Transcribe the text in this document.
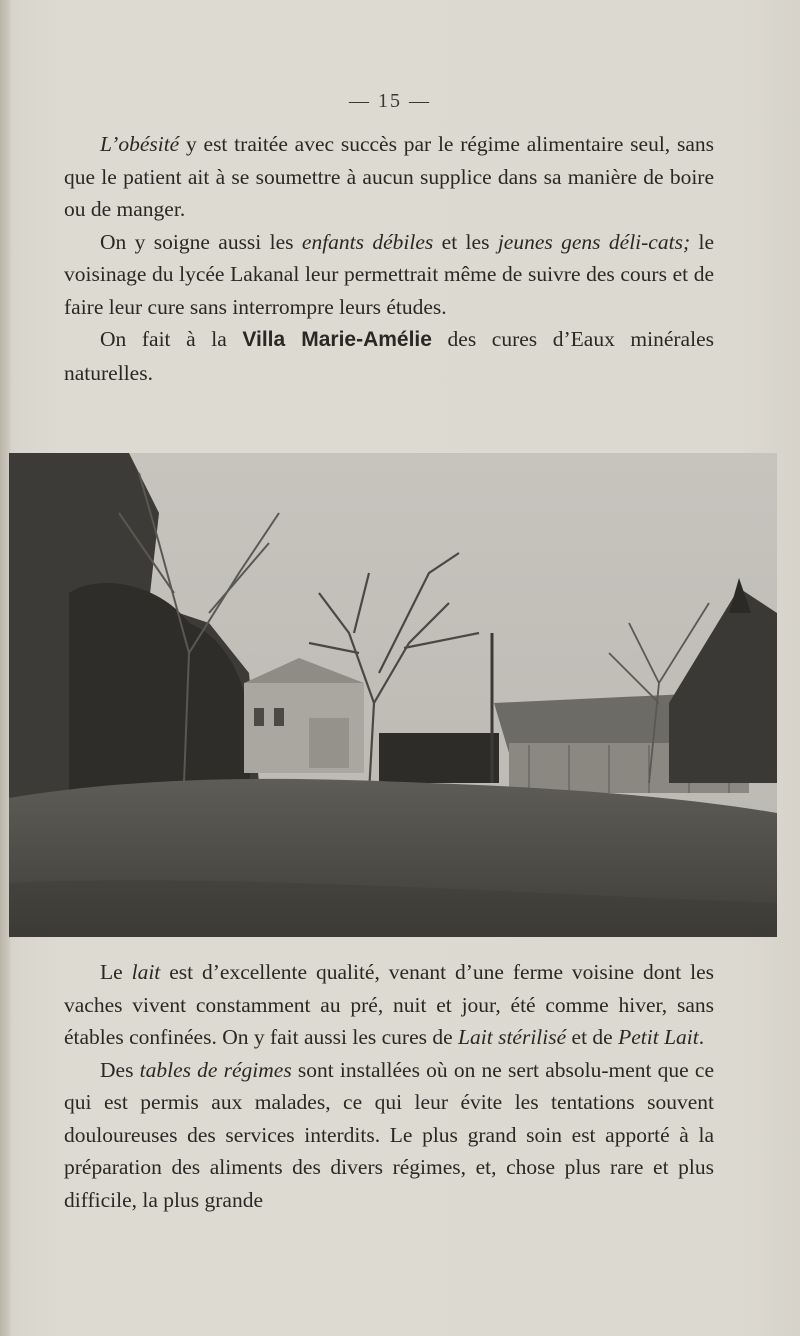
— 15 —

L’obésité y est traitée avec succès par le régime alimentaire seul, sans que le patient ait à se soumettre à aucun supplice dans sa manière de boire ou de manger.

On y soigne aussi les enfants débiles et les jeunes gens déli-cats; le voisinage du lycée Lakanal leur permettrait même de suivre des cours et de faire leur cure sans interrompre leurs études.

On fait à la Villa Marie-Amélie des cures d’Eaux minérales naturelles.

Le lait est d’excellente qualité, venant d’une ferme voisine dont les vaches vivent constamment au pré, nuit et jour, été comme hiver, sans étables confinées. On y fait aussi les cures de Lait stérilisé et de Petit Lait.

Des tables de régimes sont installées où on ne sert absolu-ment que ce qui est permis aux malades, ce qui leur évite les tentations souvent douloureuses des services interdits. Le plus grand soin est apporté à la préparation des aliments des divers régimes, et, chose plus rare et plus difficile, la plus grande
